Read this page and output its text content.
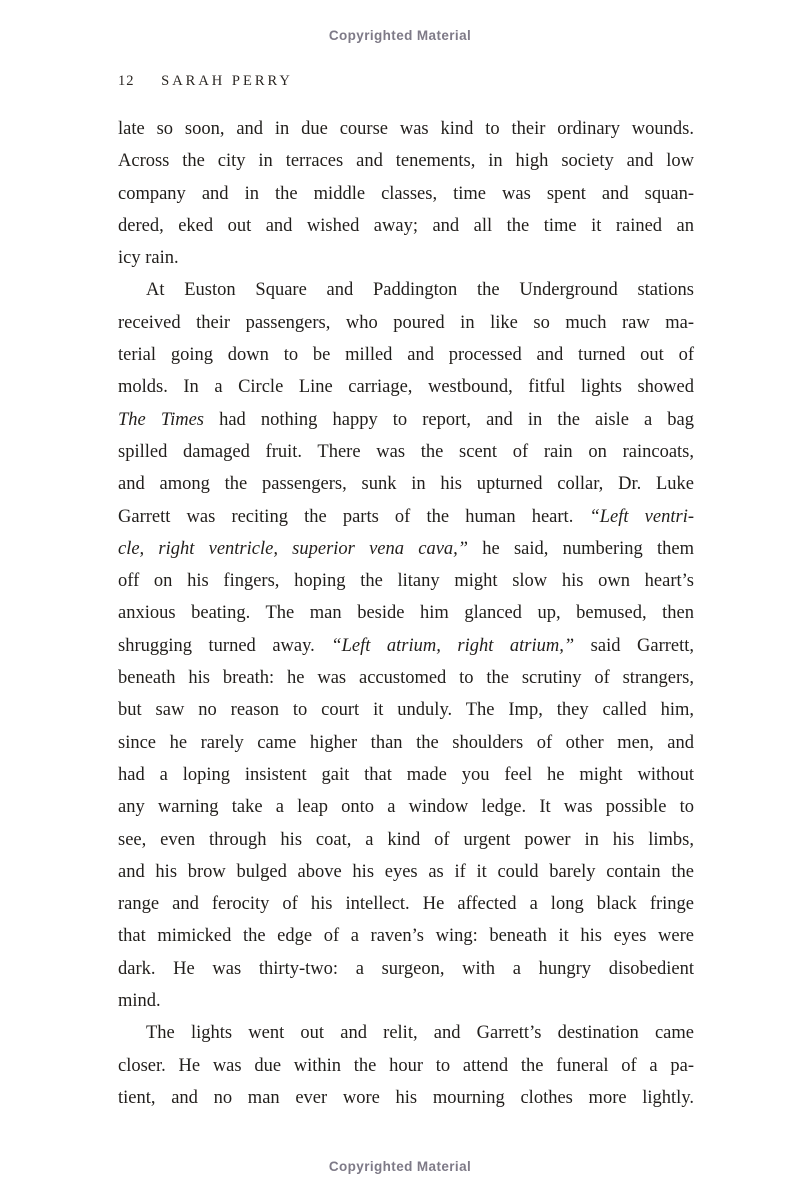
Copyrighted Material
12 SARAH PERRY
late so soon, and in due course was kind to their ordinary wounds.
Across the city in terraces and tenements, in high society and low
company and in the middle classes, time was spent and squan-
dered, eked out and wished away; and all the time it rained an
icy rain.
At Euston Square and Paddington the Underground stations
received their passengers, who poured in like so much raw ma-
terial going down to be milled and processed and turned out of
molds. In a Circle Line carriage, westbound, fitful lights showed
The Times had nothing happy to report, and in the aisle a bag
spilled damaged fruit. There was the scent of rain on raincoats,
and among the passengers, sunk in his upturned collar, Dr. Luke
Garrett was reciting the parts of the human heart. “Left ventri-
cle, right ventricle, superior vena cava,” he said, numbering them
off on his fingers, hoping the litany might slow his own heart’s
anxious beating. The man beside him glanced up, bemused, then
shrugging turned away. “Left atrium, right atrium,” said Garrett,
beneath his breath: he was accustomed to the scrutiny of strangers,
but saw no reason to court it unduly. The Imp, they called him,
since he rarely came higher than the shoulders of other men, and
had a loping insistent gait that made you feel he might without
any warning take a leap onto a window ledge. It was possible to
see, even through his coat, a kind of urgent power in his limbs,
and his brow bulged above his eyes as if it could barely contain the
range and ferocity of his intellect. He affected a long black fringe
that mimicked the edge of a raven’s wing: beneath it his eyes were
dark. He was thirty-two: a surgeon, with a hungry disobedient
mind.
The lights went out and relit, and Garrett’s destination came
closer. He was due within the hour to attend the funeral of a pa-
tient, and no man ever wore his mourning clothes more lightly.
Copyrighted Material
